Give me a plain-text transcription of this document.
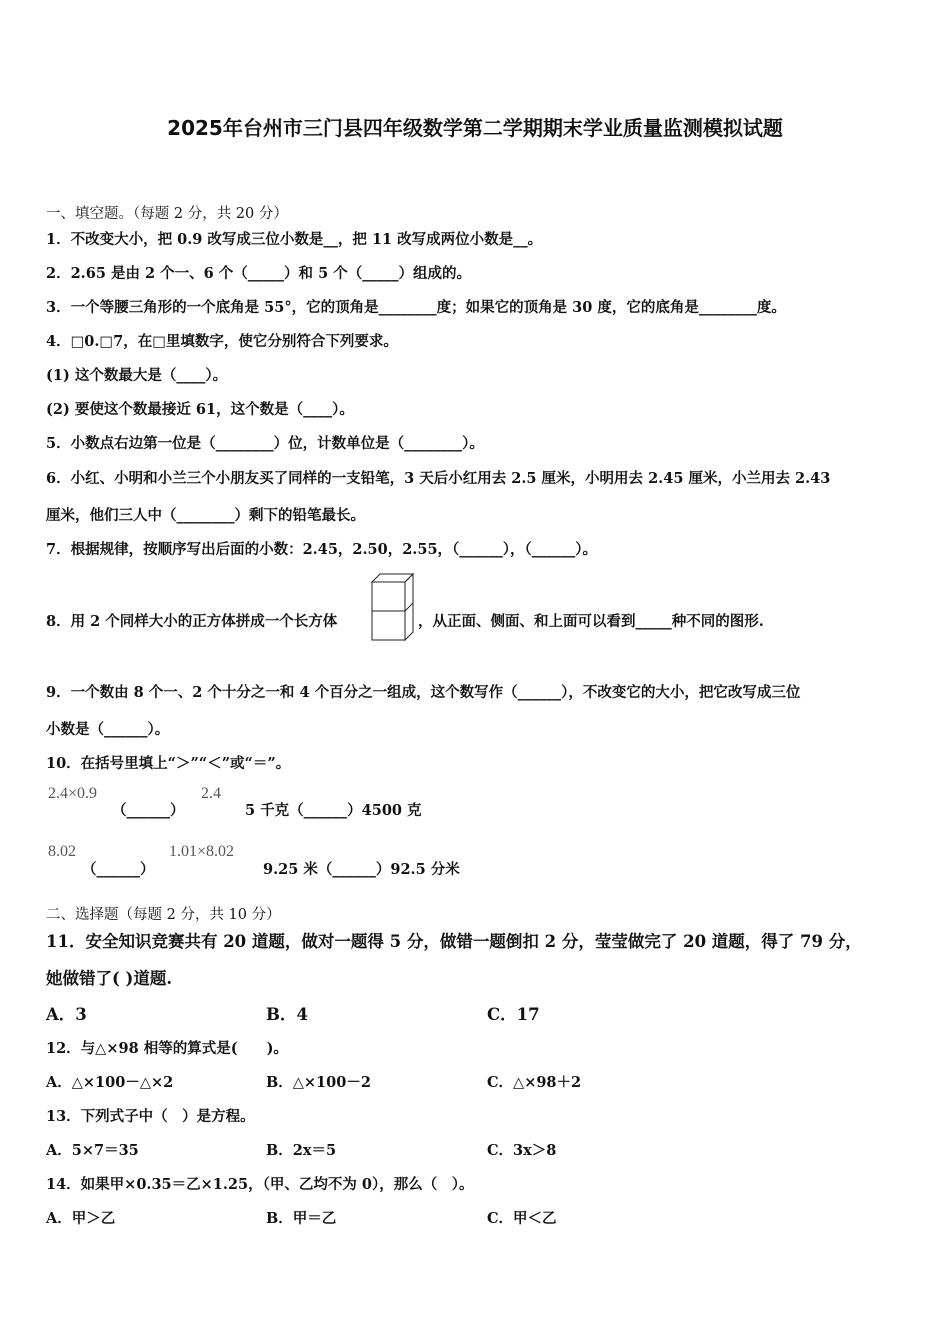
2025年台州市三门县四年级数学第二学期期末学业质量监测模拟试题
一、填空题。（每题 2 分，共 20 分）
1．不改变大小，把 0.9 改写成三位小数是__，把 11 改写成两位小数是__。
2．2.65 是由 2 个一、6 个（_____）和 5 个（_____）组成的。
3．一个等腰三角形的一个底角是 55°，它的顶角是________度；如果它的顶角是 30 度，它的底角是________度。
4．□0.□7，在□里填数字，使它分别符合下列要求。
(1) 这个数最大是（____）。
(2) 要使这个数最接近 61，这个数是（____）。
5．小数点右边第一位是（________）位，计数单位是（________）。
6．小红、小明和小兰三个小朋友买了同样的一支铅笔，3 天后小红用去 2.5 厘米，小明用去 2.45 厘米，小兰用去 2.43
厘米，他们三人中（________）剩下的铅笔最长。
7．根据规律，按顺序写出后面的小数：2.45，2.50，2.55，（______），（______）。
8．用 2 个同样大小的正方体拼成一个长方体	，从正面、侧面、和上面可以看到_____种不同的图形.
9．一个数由 8 个一、2 个十分之一和 4 个百分之一组成，这个数写作（______），不改变它的大小，把它改写成三位
小数是（______）。
10．在括号里填上“＞”“＜”或“＝”。
2.4×0.9
（______）
2.4
5 千克（______）4500 克
8.02
（______）
1.01×8.02
9.25 米（______）92.5 分米
二、选择题（每题 2 分，共 10 分）
11．安全知识竞赛共有 20 道题，做对一题得 5 分，做错一题倒扣 2 分，莹莹做完了 20 道题，得了 79 分，
她做错了( )道题.
A．3	B．4	C．17
12．与△×98 相等的算式是(　　)。
A．△×100－△×2	B．△×100－2	C．△×98＋2
13．下列式子中（　）是方程。
A．5×7＝35	B．2x＝5	C．3x＞8
14．如果甲×0.35＝乙×1.25，（甲、乙均不为 0），那么（　）。
A．甲＞乙	B．甲＝乙	C．甲＜乙
